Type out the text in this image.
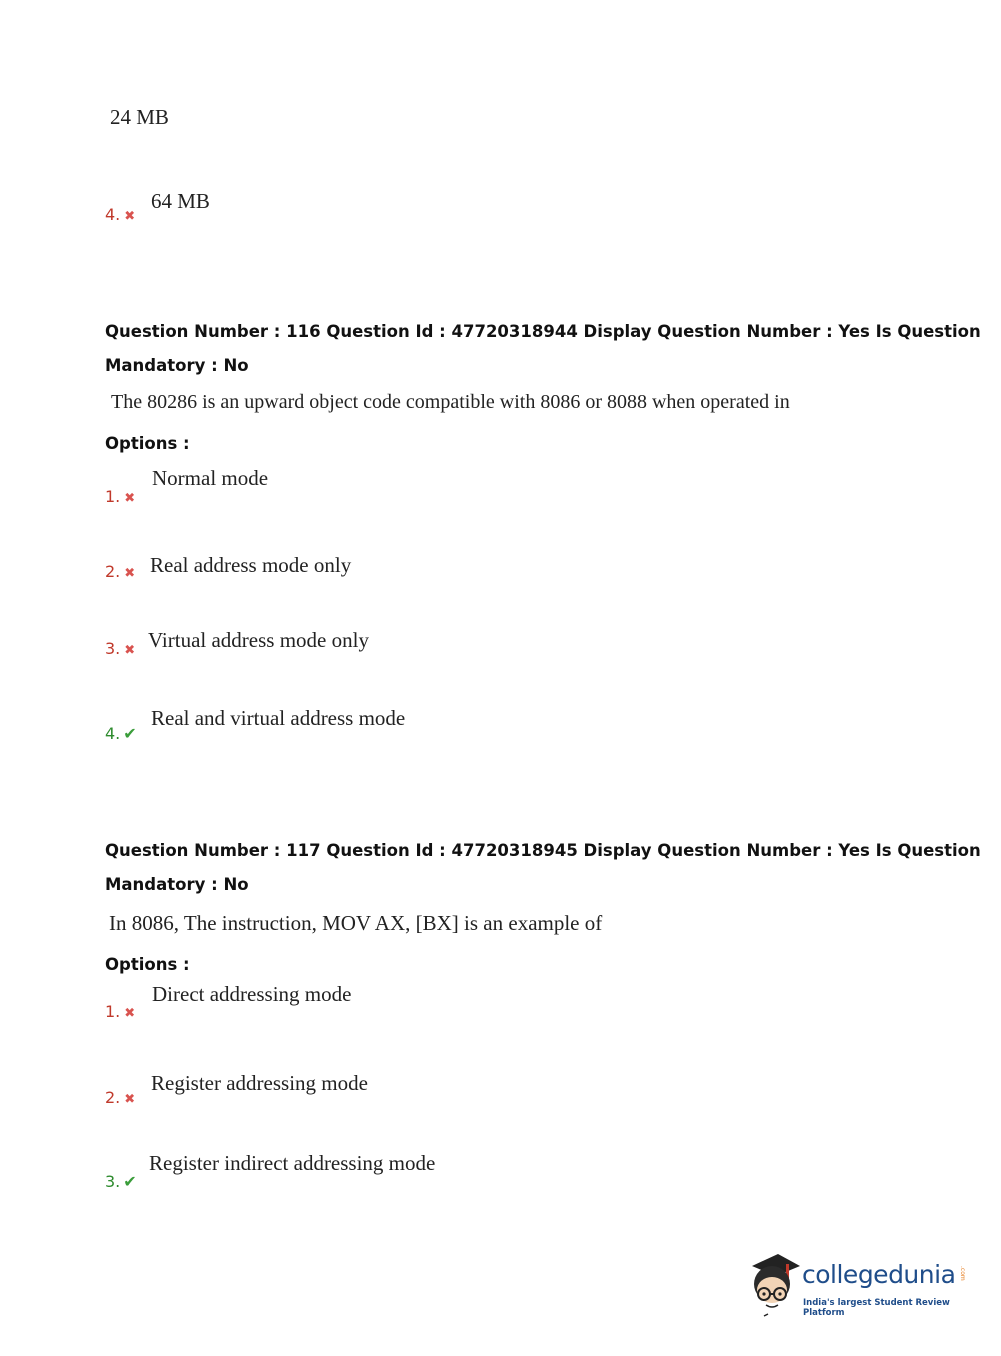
24 MB
4. ✖
64 MB
Question Number : 116 Question Id : 47720318944 Display Question Number : Yes Is Question
Mandatory : No
The 80286 is an upward object code compatible with 8086 or 8088 when operated in
Options :
1. ✖
Normal mode
2. ✖ Real address mode only
3. ✖ Virtual address mode only
4. ✔
Real and virtual address mode
Question Number : 117 Question Id : 47720318945 Display Question Number : Yes Is Question
Mandatory : No
In 8086, The instruction, MOV AX, [BX] is an example of
Options :
1. ✖
Direct addressing mode
2. ✖
Register addressing mode
3. ✔
Register indirect addressing mode
collegedunia .com
India's largest Student Review Platform
